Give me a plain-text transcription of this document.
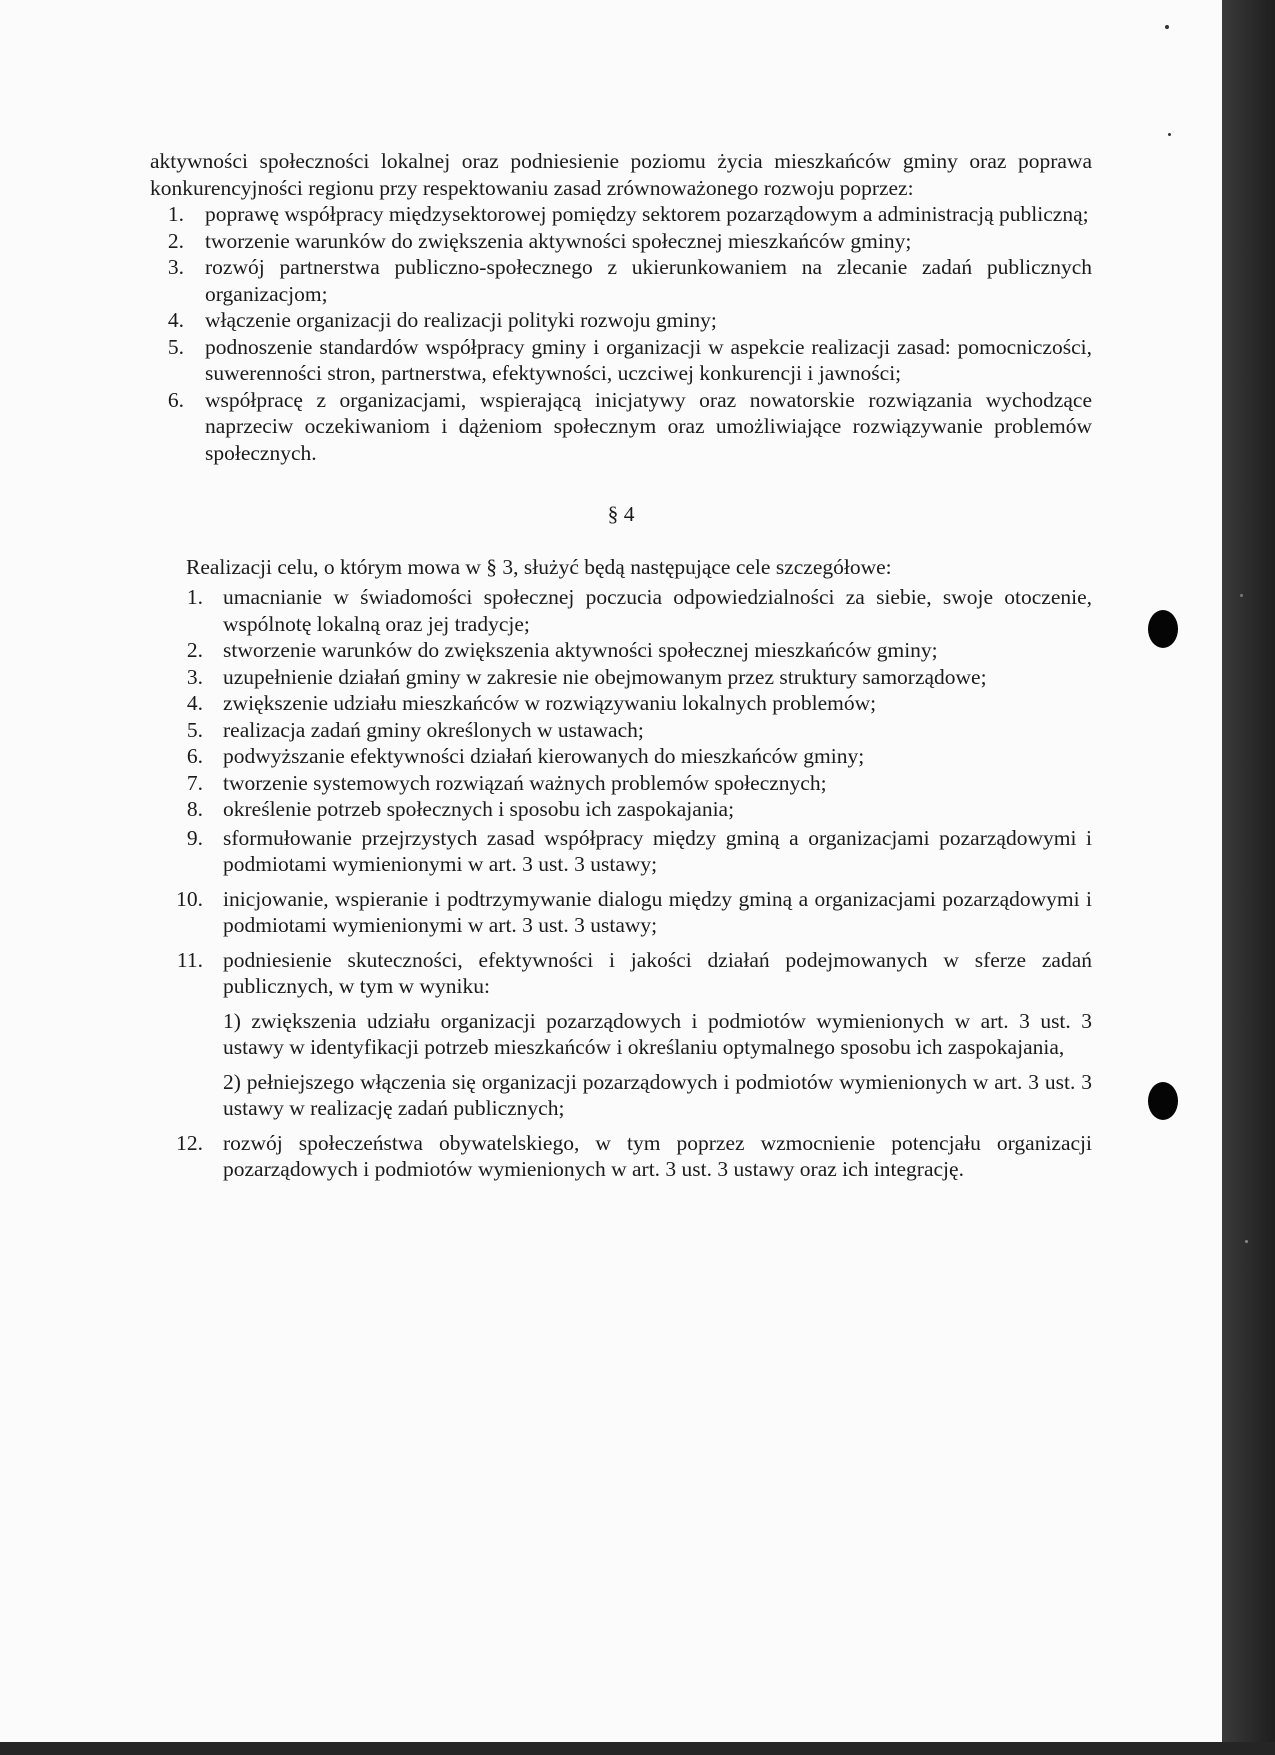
aktywności społeczności lokalnej oraz podniesienie poziomu życia mieszkańców gminy oraz poprawa konkurencyjności regionu przy respektowaniu zasad zrównoważonego rozwoju poprzez:

1. poprawę współpracy międzysektorowej pomiędzy sektorem pozarządowym a administracją publiczną;
2. tworzenie warunków do zwiększenia aktywności społecznej mieszkańców gminy;
3. rozwój partnerstwa publiczno-społecznego z ukierunkowaniem na zlecanie zadań publicznych organizacjom;
4. włączenie organizacji do realizacji polityki rozwoju gminy;
5. podnoszenie standardów współpracy gminy i organizacji w aspekcie realizacji zasad: pomocniczości, suwerenności stron, partnerstwa, efektywności, uczciwej konkurencji i jawności;
6. współpracę z organizacjami, wspierającą inicjatywy oraz nowatorskie rozwiązania wychodzące naprzeciw oczekiwaniom i dążeniom społecznym oraz umożliwiające rozwiązywanie problemów społecznych.
§ 4

Realizacji celu, o którym mowa w § 3, służyć będą następujące cele szczegółowe:

1. umacnianie w świadomości społecznej poczucia odpowiedzialności za siebie, swoje otoczenie, wspólnotę lokalną oraz jej tradycje;
2. stworzenie warunków do zwiększenia aktywności społecznej mieszkańców gminy;
3. uzupełnienie działań gminy w zakresie nie obejmowanym przez struktury samorządowe;
4. zwiększenie udziału mieszkańców w rozwiązywaniu lokalnych problemów;
5. realizacja zadań gminy określonych w ustawach;
6. podwyższanie efektywności działań kierowanych do mieszkańców gminy;
7. tworzenie systemowych rozwiązań ważnych problemów społecznych;
8. określenie potrzeb społecznych i sposobu ich zaspokajania;
9. sformułowanie przejrzystych zasad współpracy między gminą a organizacjami pozarządowymi i podmiotami wymienionymi w art. 3 ust. 3 ustawy;
10. inicjowanie, wspieranie i podtrzymywanie dialogu między gminą a organizacjami pozarządowymi i podmiotami wymienionymi w art. 3 ust. 3 ustawy;
11. podniesienie skuteczności, efektywności i jakości działań podejmowanych w sferze zadań publicznych, w tym w wyniku:
1) zwiększenia udziału organizacji pozarządowych i podmiotów wymienionych w art. 3 ust. 3 ustawy w identyfikacji potrzeb mieszkańców i określaniu optymalnego sposobu ich zaspokajania,
2) pełniejszego włączenia się organizacji pozarządowych i podmiotów wymienionych w art. 3 ust. 3 ustawy w realizację zadań publicznych;
12. rozwój społeczeństwa obywatelskiego, w tym poprzez wzmocnienie potencjału organizacji pozarządowych i podmiotów wymienionych w art. 3 ust. 3 ustawy oraz ich integrację.
